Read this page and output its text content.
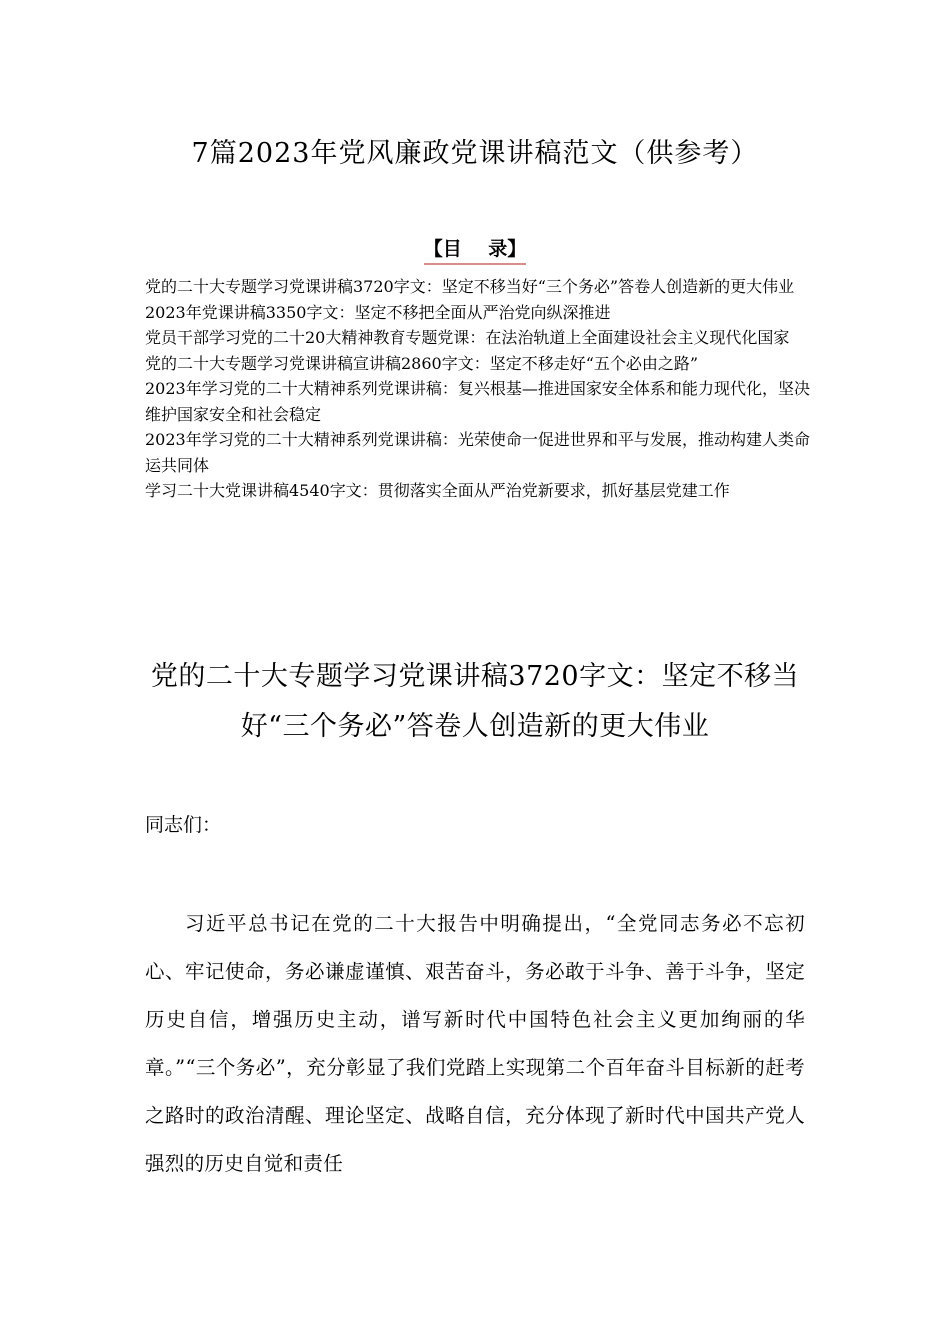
7篇2023年党风廉政党课讲稿范文（供参考）
【目    录】
党的二十大专题学习党课讲稿3720字文：坚定不移当好“三个务必”答卷人创造新的更大伟业
2023年党课讲稿3350字文：坚定不移把全面从严治党向纵深推进
党员干部学习党的二十20大精神教育专题党课：在法治轨道上全面建设社会主义现代化国家
党的二十大专题学习党课讲稿宣讲稿2860字文：坚定不移走好“五个必由之路”
2023年学习党的二十大精神系列党课讲稿：复兴根基—推进国家安全体系和能力现代化，坚决维护国家安全和社会稳定
2023年学习党的二十大精神系列党课讲稿：光荣使命一促进世界和平与发展，推动构建人类命运共同体
学习二十大党课讲稿4540字文：贯彻落实全面从严治党新要求，抓好基层党建工作
党的二十大专题学习党课讲稿3720字文：坚定不移当好“三个务必”答卷人创造新的更大伟业
同志们：

习近平总书记在党的二十大报告中明确提出，“全党同志务必不忘初心、牢记使命，务必谦虚谨慎、艰苦奋斗，务必敢于斗争、善于斗争，坚定历史自信，增强历史主动，谱写新时代中国特色社会主义更加绚丽的华章。”“三个务必”，充分彰显了我们党踏上实现第二个百年奋斗目标新的赶考之路时的政治清醒、理论坚定、战略自信，充分体现了新时代中国共产党人强烈的历史自觉和责任
